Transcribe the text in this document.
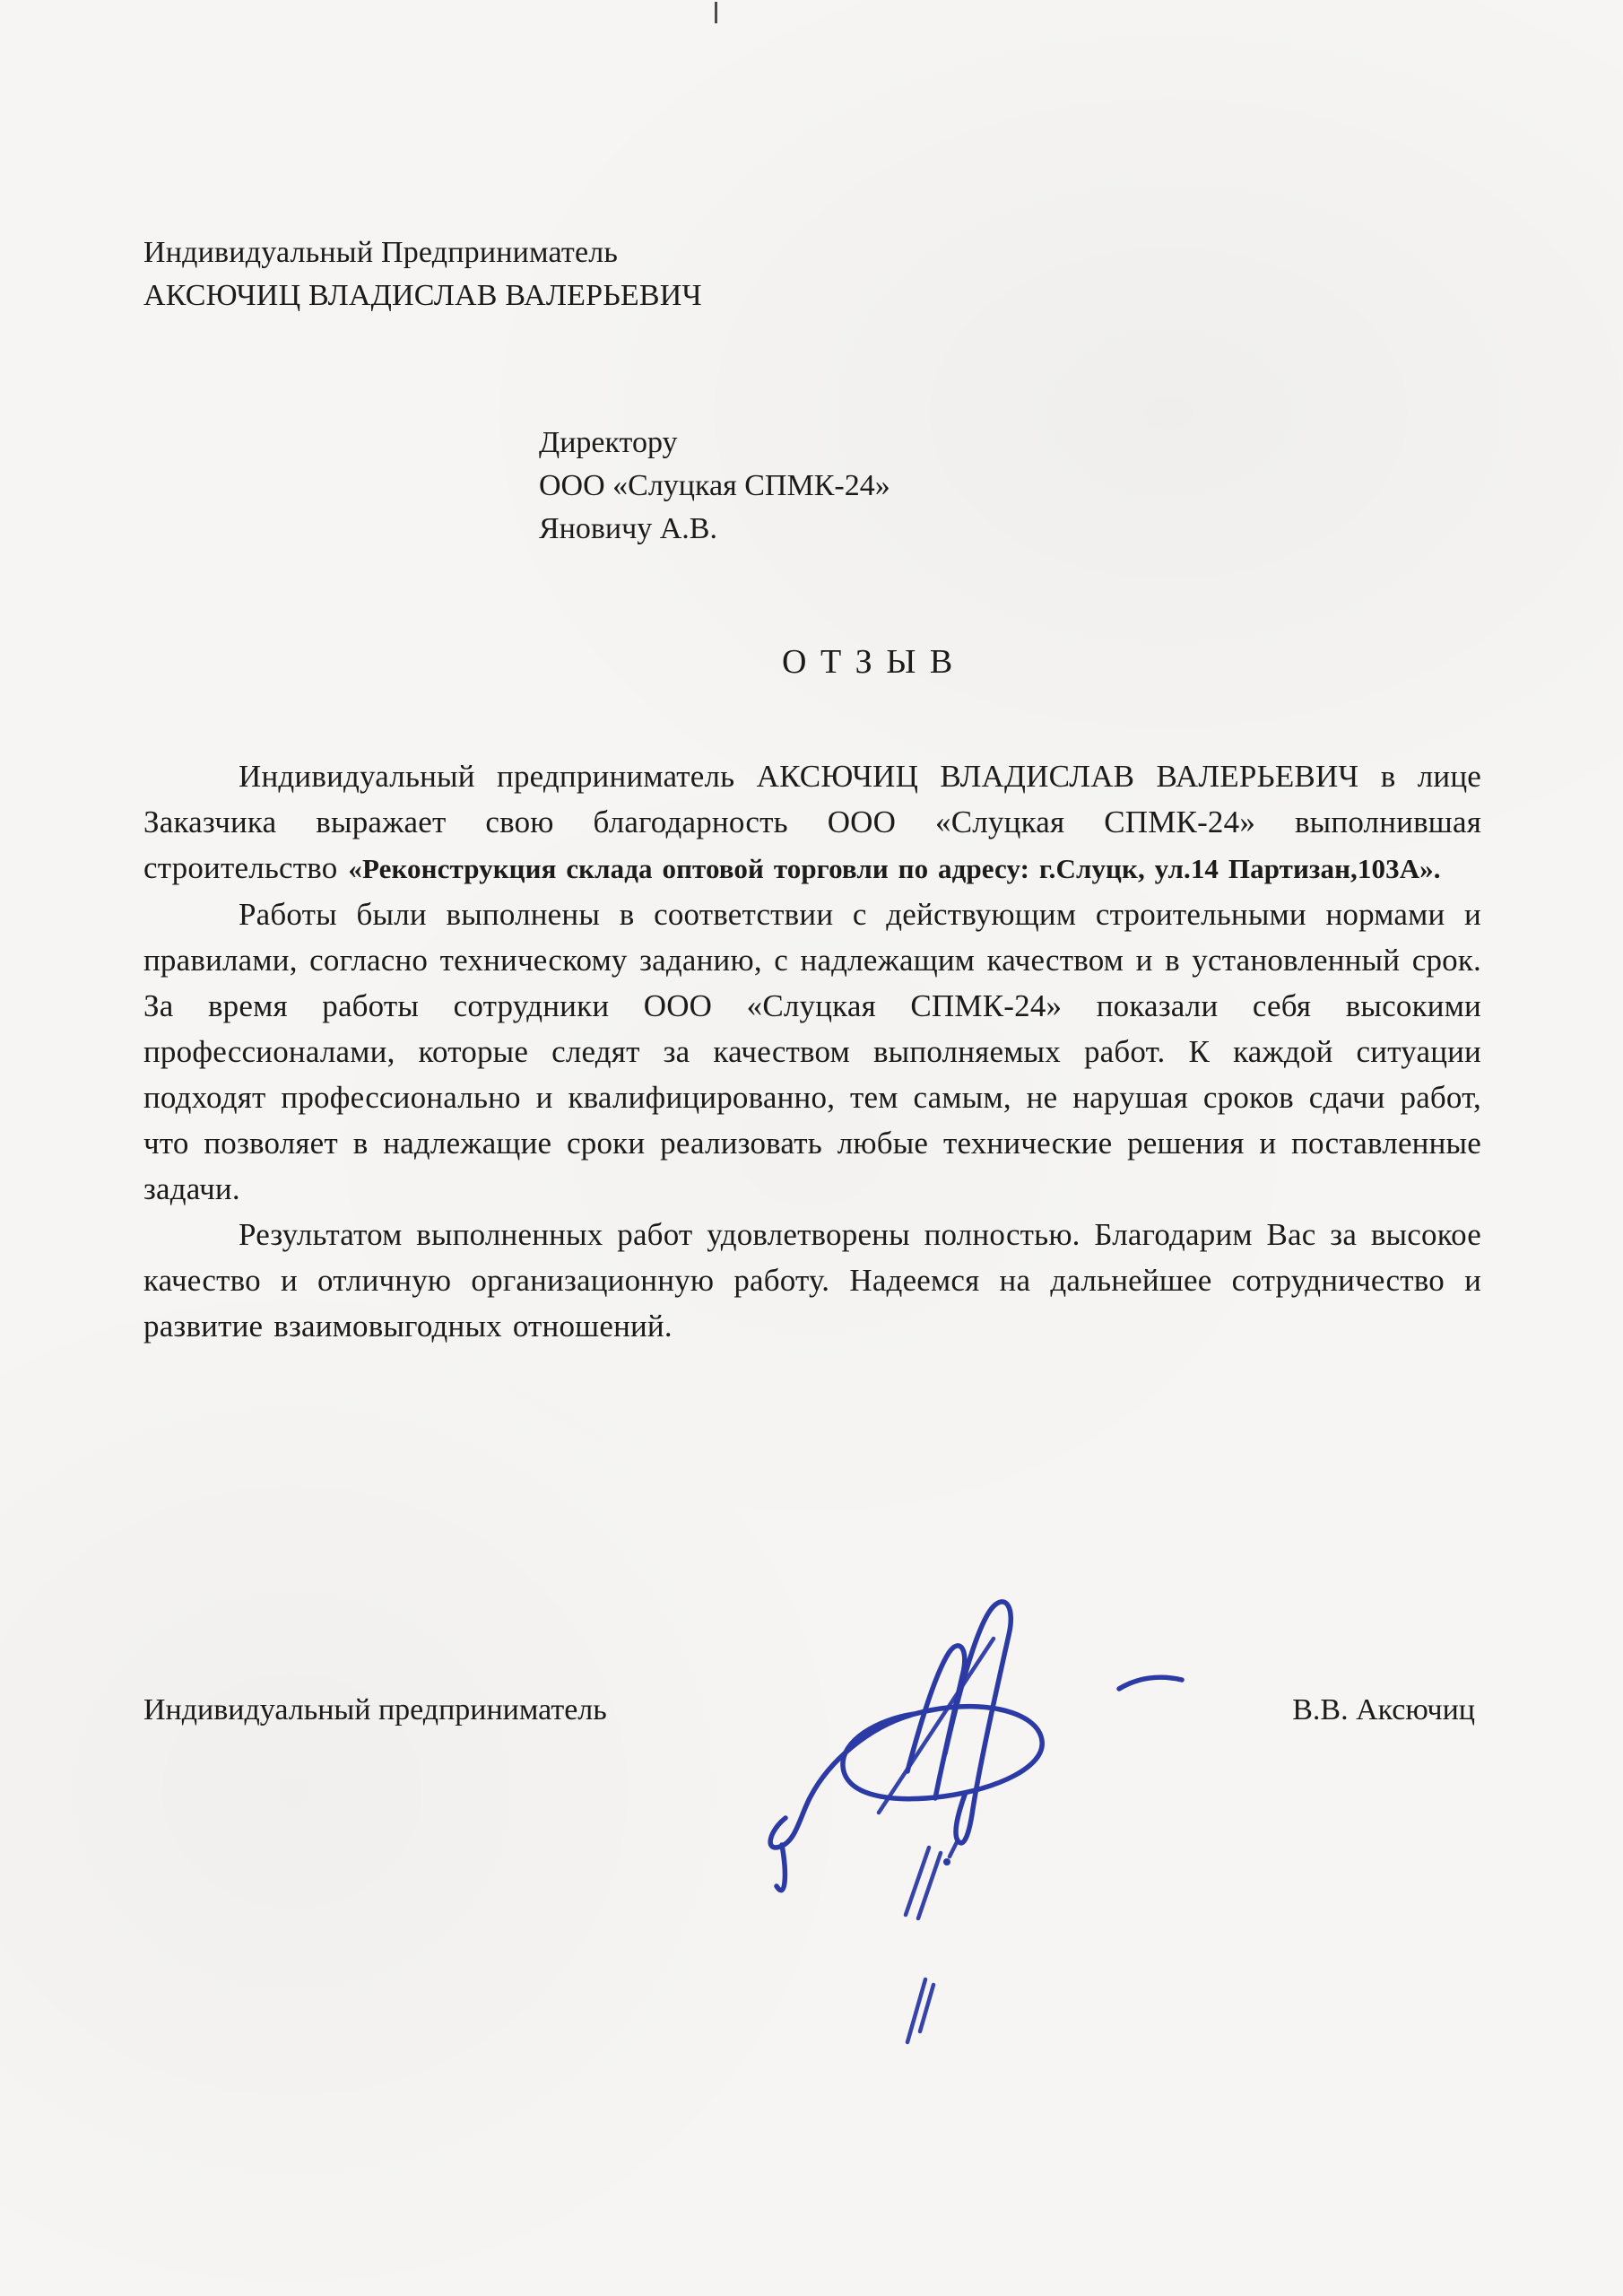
Индивидуальный Предприниматель
АКСЮЧИЦ ВЛАДИСЛАВ ВАЛЕРЬЕВИЧ
Директору
ООО «Слуцкая СПМК-24»
Яновичу А.В.
О Т З Ы В

Индивидуальный предприниматель АКСЮЧИЦ ВЛАДИСЛАВ ВАЛЕРЬЕВИЧ в лице Заказчика выражает свою благодарность ООО «Слуцкая СПМК-24» выполнившая строительство «Реконструкция склада оптовой торговли по адресу: г.Слуцк, ул.14 Партизан,103А».

Работы были выполнены в соответствии с действующим строительными нормами и правилами, согласно техническому заданию, с надлежащим качеством и в установленный срок. За время работы сотрудники ООО «Слуцкая СПМК-24» показали себя высокими профессионалами, которые следят за качеством выполняемых работ. К каждой ситуации подходят профессионально и квалифицированно, тем самым, не нарушая сроков сдачи работ, что позволяет в надлежащие сроки реализовать любые технические решения и поставленные задачи.

Результатом выполненных работ удовлетворены полностью. Благодарим Вас за высокое качество и отличную организационную работу. Надеемся на дальнейшее сотрудничество и развитие взаимовыгодных отношений.

Индивидуальный предприниматель	В.В. Аксючиц
